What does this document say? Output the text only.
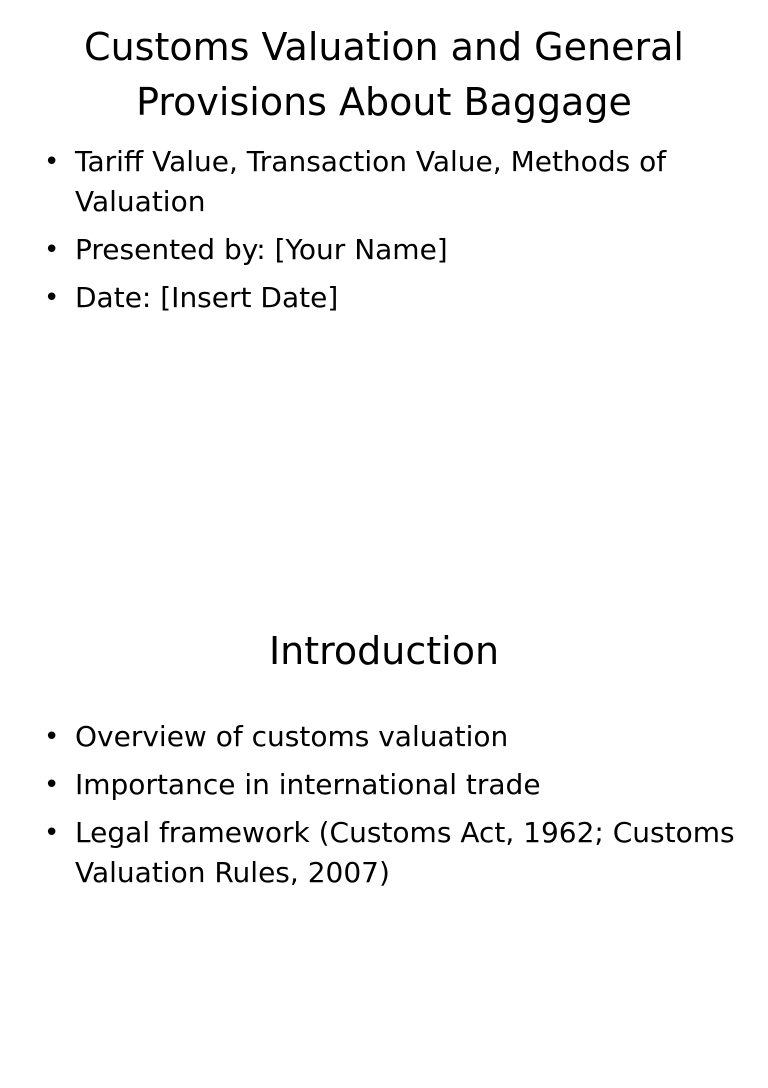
Customs Valuation and General Provisions About Baggage
• Tariff Value, Transaction Value, Methods of Valuation
• Presented by: [Your Name]
• Date: [Insert Date]
Introduction
• Overview of customs valuation
• Importance in international trade
• Legal framework (Customs Act, 1962; Customs Valuation Rules, 2007)
